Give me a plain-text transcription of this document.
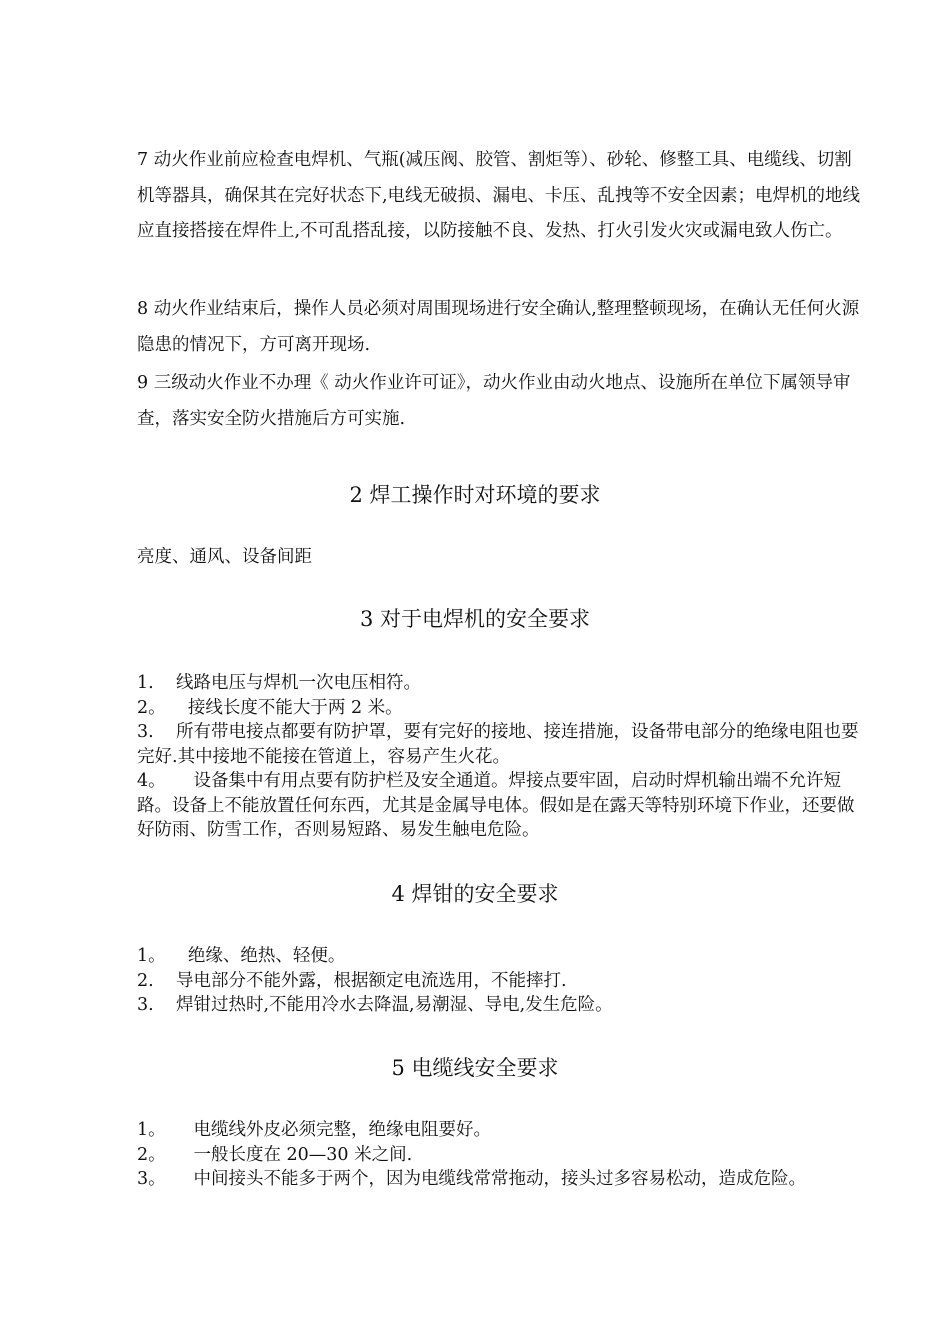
7 动火作业前应检查电焊机、气瓶(减压阀、胶管、割炬等）、砂轮、修整工具、电缆线、切割机等器具，确保其在完好状态下,电线无破损、漏电、卡压、乱拽等不安全因素；电焊机的地线应直接搭接在焊件上,不可乱搭乱接，以防接触不良、发热、打火引发火灾或漏电致人伤亡。

8 动火作业结束后，操作人员必须对周围现场进行安全确认,整理整顿现场，在确认无任何火源隐患的情况下，方可离开现场.

9 三级动火作业不办理《 动火作业许可证》，动火作业由动火地点、设施所在单位下属领导审查，落实安全防火措施后方可实施.

2 焊工操作时对环境的要求

亮度、通风、设备间距

3 对于电焊机的安全要求
1. 线路电压与焊机一次电压相符。
2。 接线长度不能大于两 2 米。
3. 所有带电接点都要有防护罩，要有完好的接地、接连措施，设备带电部分的绝缘电阻也要完好.其中接地不能接在管道上，容易产生火花。
4。 设备集中有用点要有防护栏及安全通道。焊接点要牢固，启动时焊机输出端不允许短路。设备上不能放置任何东西，尤其是金属导电体。假如是在露天等特别环境下作业，还要做好防雨、防雪工作，否则易短路、易发生触电危险。
4 焊钳的安全要求
1。 绝缘、绝热、轻便。
2. 导电部分不能外露，根据额定电流选用，不能摔打.
3. 焊钳过热时,不能用冷水去降温,易潮湿、导电,发生危险。
5 电缆线安全要求
1。 电缆线外皮必须完整，绝缘电阻要好。
2。 一般长度在 20—30 米之间.
3。 中间接头不能多于两个，因为电缆线常常拖动，接头过多容易松动，造成危险。
